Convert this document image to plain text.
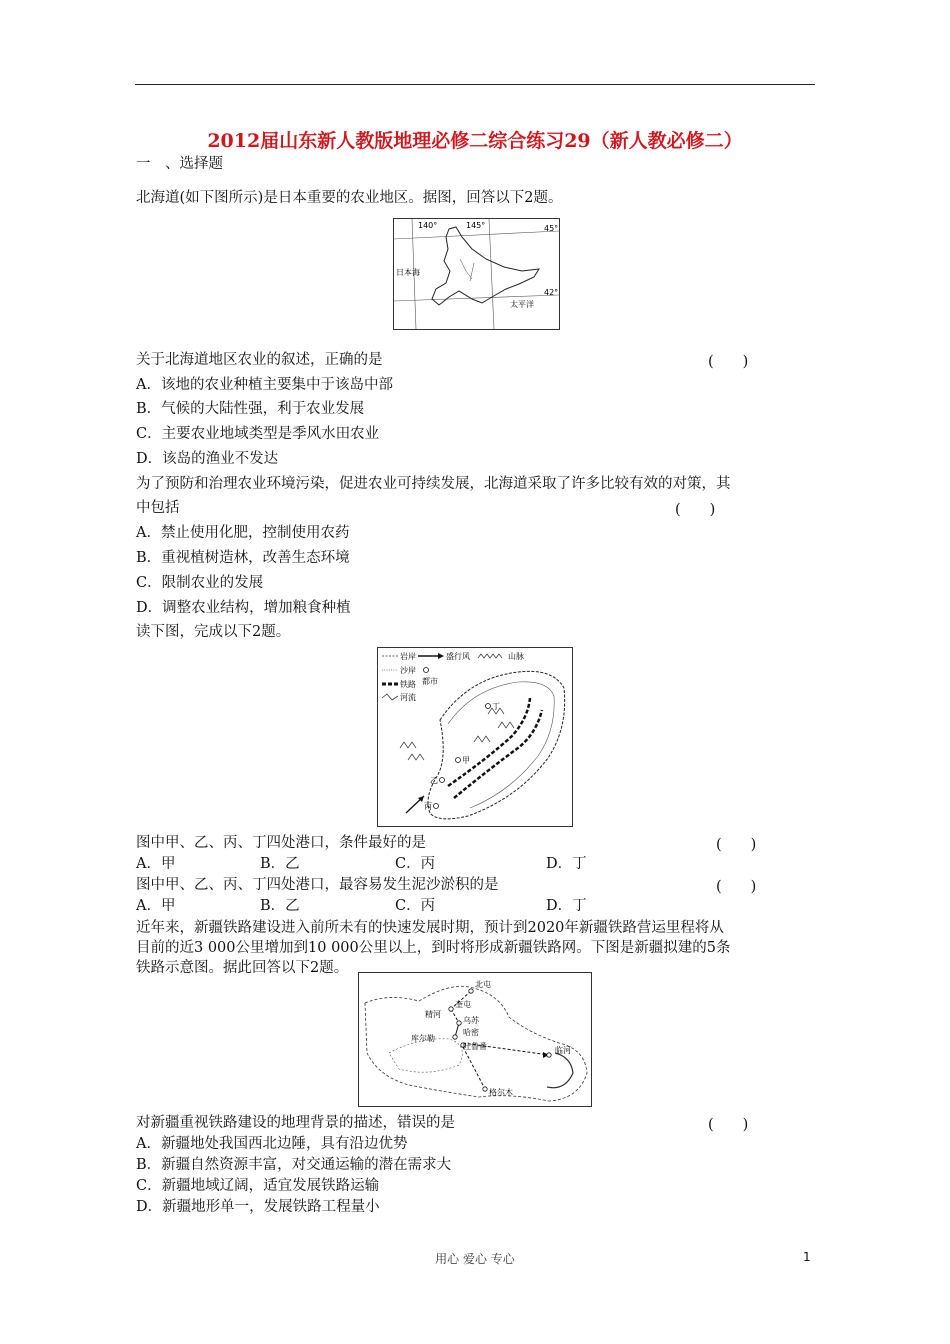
2012届山东新人教版地理必修二综合练习29（新人教必修二）
一　、选择题
北海道(如下图所示)是日本重要的农业地区。据图，回答以下2题。
140°	145°	45°
42°
日本海
太平洋
关于北海道地区农业的叙述，正确的是	(　　)
A．该地的农业种植主要集中于该岛中部
B．气候的大陆性强，利于农业发展
C．主要农业地域类型是季风水田农业
D．该岛的渔业不发达
为了预防和治理农业环境污染，促进农业可持续发展，北海道采取了许多比较有效的对策，其
中包括	(　　)
A．禁止使用化肥，控制使用农药
B．重视植树造林，改善生态环境
C．限制农业的发展
D．调整农业结构，增加粮食种植
读下图，完成以下2题。
岩岸	盛行风	山脉
沙岸
都市
铁路
河流
甲
乙
丙
丁
图中甲、乙、丙、丁四处港口，条件最好的是	(　　)
A．甲	B．乙	C．丙	D．丁
图中甲、乙、丙、丁四处港口，最容易发生泥沙淤积的是	(　　)
A．甲	B．乙	C．丙	D．丁
近年来，新疆铁路建设进入前所未有的快速发展时期，预计到2020年新疆铁路营运里程将从
目前的近3 000公里增加到10 000公里以上，到时将形成新疆铁路网。下图是新疆拟建的5条
铁路示意图。据此回答以下2题。
北屯
奎屯
精河
乌苏
哈密
库尔勒
吐鲁番	临河
格尔木
对新疆重视铁路建设的地理背景的描述，错误的是	(　　)
A．新疆地处我国西北边陲，具有沿边优势
B．新疆自然资源丰富，对交通运输的潜在需求大
C．新疆地域辽阔，适宜发展铁路运输
D．新疆地形单一，发展铁路工程量小
用心 爱心 专心	1
